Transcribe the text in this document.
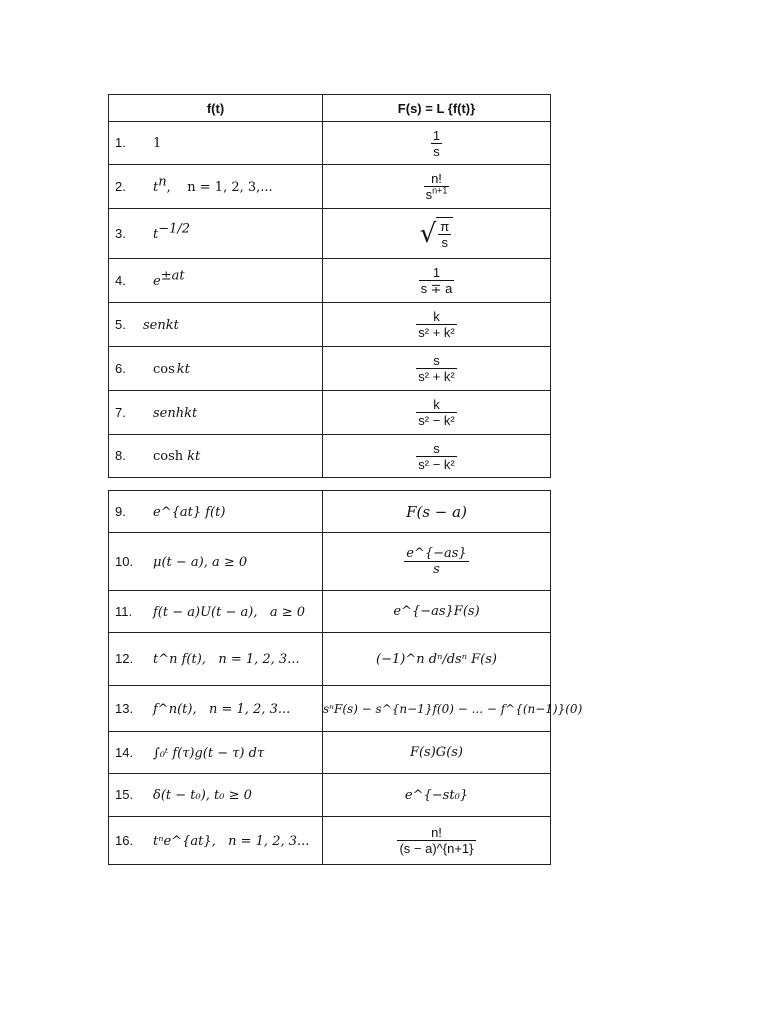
f(t)	F(s) = L {f(t)}
1. 1	$\frac{1}{s}$

2. $t^n$,    n = 1, 2, 3,...	$\frac{n!}{s^{n+1}}$

3. $t^{-1/2}$	√ $\frac{\pi}{s}$

4. $e^{\pm at}$	$\frac{1}{s \mp a}$

5. senkt	$\frac{k}{\text{s² + k²}}$

6. cos kt	$\frac{s}{\text{s² + k²}}$

7. senhkt	$\frac{k}{\text{s² − k²}}$

8. cosh kt	$\frac{s}{\text{s² − k²}}$
9. e^{at} f(t)	F(s − a)
10. μ(t − a), a ≥ 0	$\frac{e\^{}\{-as\}}{s}$

11. f(t − a)U(t − a),   a ≥ 0	e^{−as}F(s)
12. t^n f(t),   n = 1, 2, 3...	(−1)^n dⁿ/dsⁿ F(s)
13. f^n(t),   n = 1, 2, 3...	sⁿF(s) − s^{n−1}f(0) − ... − f^{(n−1)}(0)
14. ∫₀ᵗ f(τ)g(t − τ) dτ	F(s)G(s)
15. δ(t − t₀), t₀ ≥ 0	e^{−st₀}
16. tⁿe^{at},   n = 1, 2, 3...	$\frac{n!}{(s - a)\^{}\{n+1\}}$
